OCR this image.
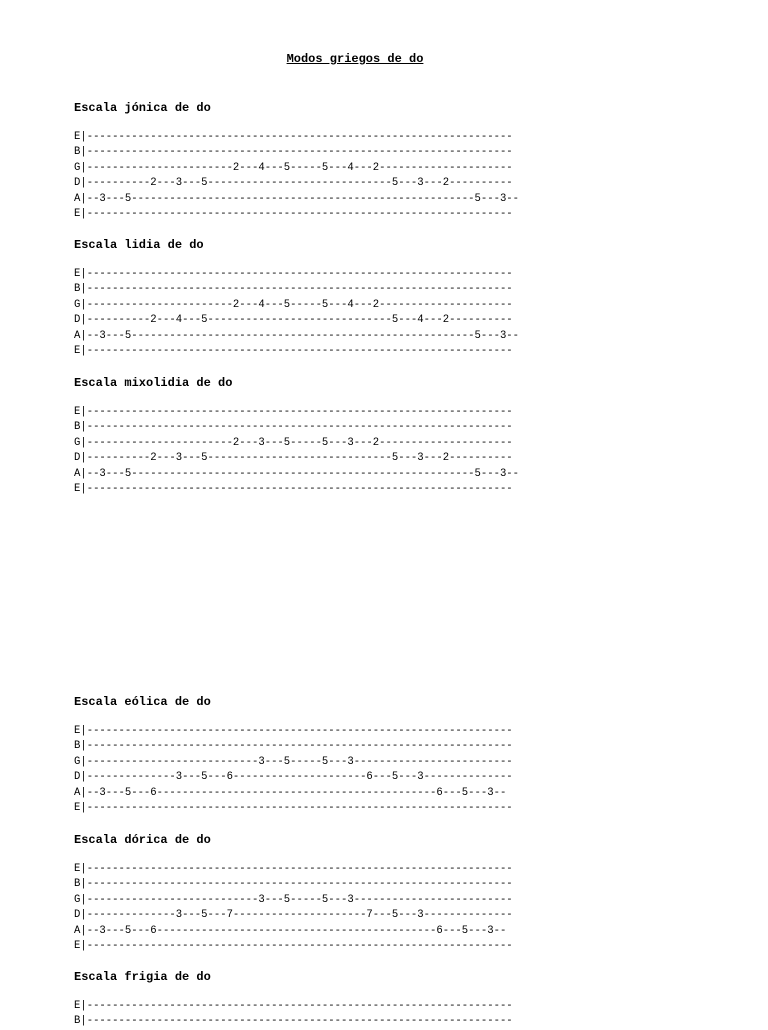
Modos griegos de do
Escala jónica de do
E|-------------------------------------------------------------------
B|-------------------------------------------------------------------
G|-----------------------2---4---5-----5---4---2---------------------
D|----------2---3---5-----------------------------5---3---2----------
A|--3---5------------------------------------------------------5---3--
E|-------------------------------------------------------------------
Escala lidia de do
E|-------------------------------------------------------------------
B|-------------------------------------------------------------------
G|-----------------------2---4---5-----5---4---2---------------------
D|----------2---4---5-----------------------------5---4---2----------
A|--3---5------------------------------------------------------5---3--
E|-------------------------------------------------------------------
Escala mixolidia de do
E|-------------------------------------------------------------------
B|-------------------------------------------------------------------
G|-----------------------2---3---5-----5---3---2---------------------
D|----------2---3---5-----------------------------5---3---2----------
A|--3---5------------------------------------------------------5---3--
E|-------------------------------------------------------------------
Escala eólica de do
E|-------------------------------------------------------------------
B|-------------------------------------------------------------------
G|---------------------------3---5-----5---3-------------------------
D|--------------3---5---6---------------------6---5---3--------------
A|--3---5---6--------------------------------------------6---5---3--
E|-------------------------------------------------------------------
Escala dórica de do
E|-------------------------------------------------------------------
B|-------------------------------------------------------------------
G|---------------------------3---5-----5---3-------------------------
D|--------------3---5---7---------------------7---5---3--------------
A|--3---5---6--------------------------------------------6---5---3--
E|-------------------------------------------------------------------
Escala frigia de do
E|-------------------------------------------------------------------
B|-------------------------------------------------------------------
